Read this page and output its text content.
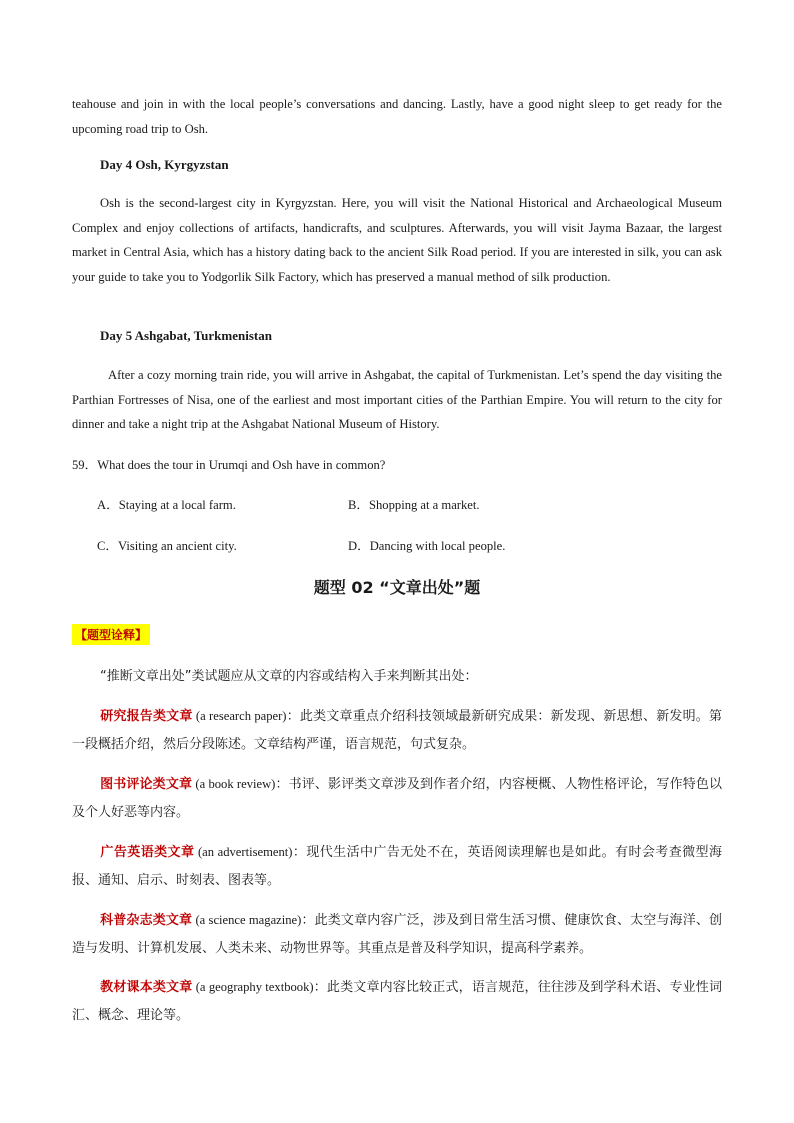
teahouse and join in with the local people’s conversations and dancing. Lastly, have a good night sleep to get ready for the upcoming road trip to Osh.
Day 4 Osh, Kyrgyzstan
Osh is the second-largest city in Kyrgyzstan. Here, you will visit the National Historical and Archaeological Museum Complex and enjoy collections of artifacts, handicrafts, and sculptures. Afterwards, you will visit Jayma Bazaar, the largest market in Central Asia, which has a history dating back to the ancient Silk Road period. If you are interested in silk, you can ask your guide to take you to Yodgorlik Silk Factory, which has preserved a manual method of silk production.
Day 5 Ashgabat, Turkmenistan
After a cozy morning train ride, you will arrive in Ashgabat, the capital of Turkmenistan. Let’s spend the day visiting the Parthian Fortresses of Nisa, one of the earliest and most important cities of the Parthian Empire. You will return to the city for dinner and take a night trip at the Ashgabat National Museum of History.
59．What does the tour in Urumqi and Osh have in common?
A．Staying at a local farm.	B．Shopping at a market.
C．Visiting an ancient city.	D．Dancing with local people.
题型 02 “文章出处”题
【题型诠释】
“推断文章出处”类试题应从文章的内容或结构入手来判断其出处：
研究报告类文章 (a research paper)：此类文章重点介绍科技领域最新研究成果：新发现、新思想、新发明。第一段概括介绍，然后分段陈述。文章结构严谨，语言规范，句式复杂。
图书评论类文章 (a book review)：书评、影评类文章涉及到作者介绍，内容梗概、人物性格评论，写作特色以及个人好恶等内容。
广告英语类文章 (an advertisement)：现代生活中广告无处不在，英语阅读理解也是如此。有时会考查微型海报、通知、启示、时刻表、图表等。
科普杂志类文章 (a science magazine)：此类文章内容广泛，涉及到日常生活习惯、健康饮食、太空与海洋、创造与发明、计算机发展、人类未来、动物世界等。其重点是普及科学知识，提高科学素养。
教材课本类文章 (a geography textbook)：此类文章内容比较正式，语言规范，往往涉及到学科术语、专业性词汇、概念、理论等。
